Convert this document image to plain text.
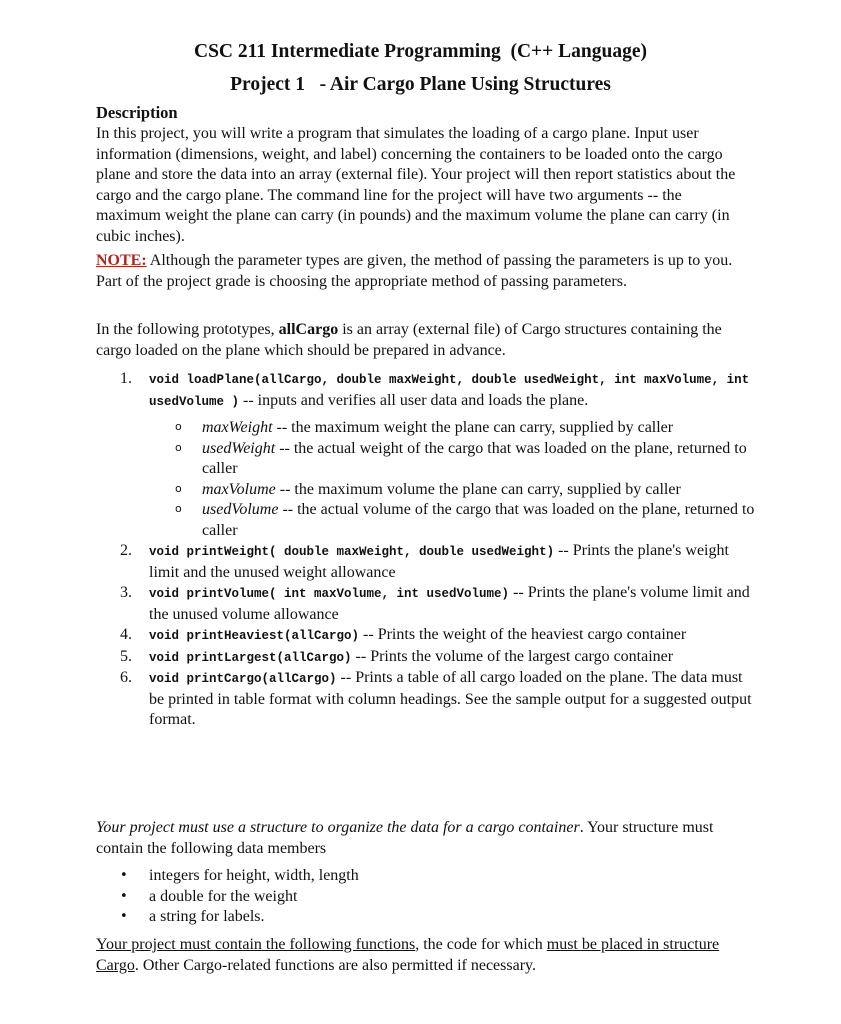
CSC 211 Intermediate Programming  (C++ Language)
Project 1   - Air Cargo Plane Using Structures
Description

In this project, you will write a program that simulates the loading of a cargo plane. Input user information (dimensions, weight, and label) concerning the containers to be loaded onto the cargo plane and store the data into an array (external file). Your project will then report statistics about the cargo and the cargo plane. The command line for the project will have two arguments -- the maximum weight the plane can carry (in pounds) and the maximum volume the plane can carry (in cubic inches).

NOTE: Although the parameter types are given, the method of passing the parameters is up to you. Part of the project grade is choosing the appropriate method of passing parameters.

In the following prototypes, allCargo is an array (external file) of Cargo structures containing the cargo loaded on the plane which should be prepared in advance.

1. void loadPlane(allCargo, double maxWeight, double usedWeight, int maxVolume, int usedVolume ) -- inputs and verifies all user data and loads the plane.
o maxWeight -- the maximum weight the plane can carry, supplied by caller
o usedWeight -- the actual weight of the cargo that was loaded on the plane, returned to caller
o maxVolume -- the maximum volume the plane can carry, supplied by caller
o usedVolume -- the actual volume of the cargo that was loaded on the plane, returned to caller
2. void printWeight( double maxWeight, double usedWeight) -- Prints the plane's weight limit and the unused weight allowance
3. void printVolume( int maxVolume, int usedVolume) -- Prints the plane's volume limit and the unused volume allowance
4. void printHeaviest(allCargo) -- Prints the weight of the heaviest cargo container
5. void printLargest(allCargo) -- Prints the volume of the largest cargo container
6. void printCargo(allCargo) -- Prints a table of all cargo loaded on the plane. The data must be printed in table format with column headings. See the sample output for a suggested output format.

Your project must use a structure to organize the data for a cargo container. Your structure must contain the following data members

• integers for height, width, length
• a double for the weight
• a string for labels.

Your project must contain the following functions, the code for which must be placed in structure Cargo. Other Cargo-related functions are also permitted if necessary.
